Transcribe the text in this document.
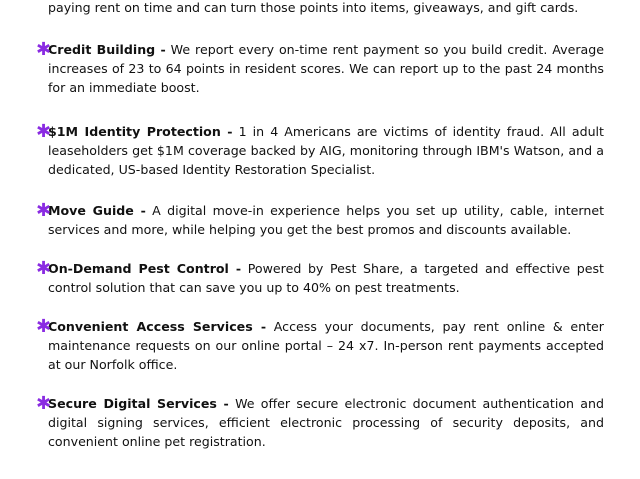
paying rent on time and can turn those points into items, giveaways, and gift cards.

✱

Credit Building - We report every on-time rent payment so you build credit. Average increases of 23 to 64 points in resident scores. We can report up to the past 24 months for an immediate boost.

✱

$1M Identity Protection - 1 in 4 Americans are victims of identity fraud. All adult leaseholders get $1M coverage backed by AIG, monitoring through IBM's Watson, and a dedicated, US-based Identity Restoration Specialist.

✱

Move Guide - A digital move-in experience helps you set up utility, cable, internet services and more, while helping you get the best promos and discounts available.

✱

On-Demand Pest Control - Powered by Pest Share, a targeted and effective pest control solution that can save you up to 40% on pest treatments.

✱

Convenient Access Services - Access your documents, pay rent online & enter maintenance requests on our online portal – 24 x7. In-person rent payments accepted at our Norfolk office.

✱

Secure Digital Services - We offer secure electronic document authentication and digital signing services, efficient electronic processing of security deposits, and convenient online pet registration.
